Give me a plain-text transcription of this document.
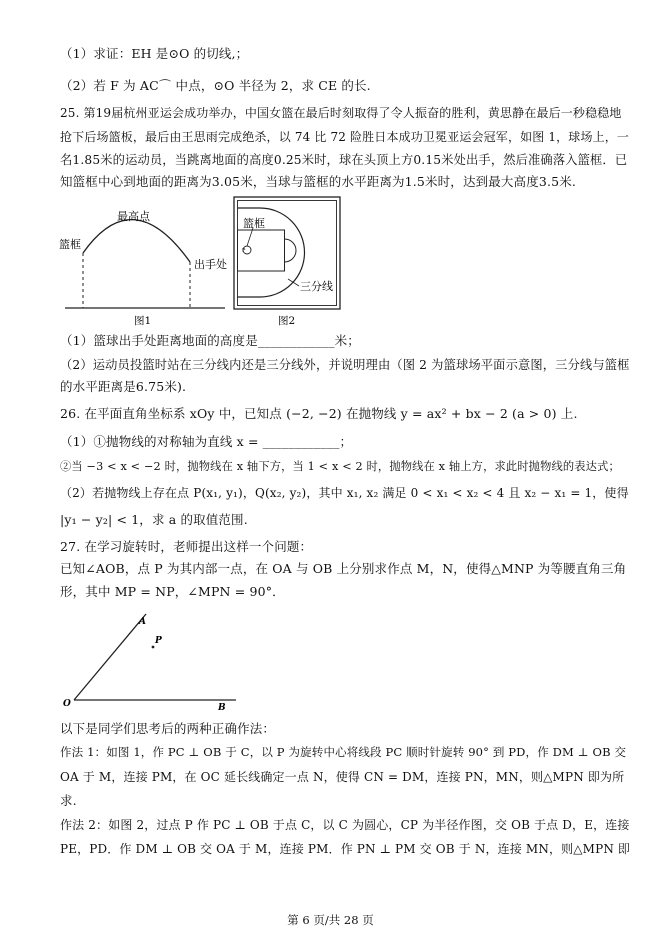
（1）求证：EH 是⊙O 的切线,；
（2）若 F 为 AC⌒ 中点，⊙O 半径为 2，求 CE 的长.
25. 第19届杭州亚运会成功举办，中国女篮在最后时刻取得了令人振奋的胜利，黄思静在最后一秒稳稳地
抢下后场篮板，最后由王思雨完成绝杀，以 74 比 72 险胜日本成功卫冕亚运会冠军，如图 1，球场上，一
名1.85米的运动员，当跳离地面的高度0.25米时，球在头顶上方0.15米处出手，然后准确落入篮框．已
知篮框中心到地面的距离为3.05米，当球与篮框的水平距离为1.5米时，达到最大高度3.5米.
最高点
篮框
出手处
图1
P
篮框
三分线
图2
（1）篮球出手处距离地面的高度是____________米；
（2）运动员投篮时站在三分线内还是三分线外，并说明理由（图 2 为篮球场平面示意图，三分线与篮框
的水平距离是6.75米).
26. 在平面直角坐标系 xOy 中，已知点 (−2, −2) 在抛物线 y = ax² + bx − 2 (a > 0) 上.
（1）①抛物线的对称轴为直线 x = ____________；
②当 −3 < x < −2 时，抛物线在 x 轴下方，当 1 < x < 2 时，抛物线在 x 轴上方，求此时抛物线的表达式；
（2）若抛物线上存在点 P(x₁, y₁)，Q(x₂, y₂)，其中 x₁, x₂ 满足 0 < x₁ < x₂ < 4 且 x₂ − x₁ = 1，使得
|y₁ − y₂| < 1，求 a 的取值范围.
27. 在学习旋转时，老师提出这样一个问题：
已知∠AOB，点 P 为其内部一点，在 OA 与 OB 上分别求作点 M，N，使得△MNP 为等腰直角三角
形，其中 MP = NP，∠MPN = 90°．
A
P
O	B
以下是同学们思考后的两种正确作法：
作法 1：如图 1，作 PC ⊥ OB 于 C，以 P 为旋转中心将线段 PC 顺时针旋转 90° 到 PD，作 DM ⊥ OB 交
OA 于 M，连接 PM，在 OC 延长线确定一点 N，使得 CN = DM，连接 PN，MN，则△MPN 即为所
求.
作法 2：如图 2，过点 P 作 PC ⊥ OB 于点 C，以 C 为圆心，CP 为半径作图，交 OB 于点 D，E，连接
PE，PD．作 DM ⊥ OB 交 OA 于 M，连接 PM．作 PN ⊥ PM 交 OB 于 N，连接 MN，则△MPN 即
第 6 页/共 28 页
